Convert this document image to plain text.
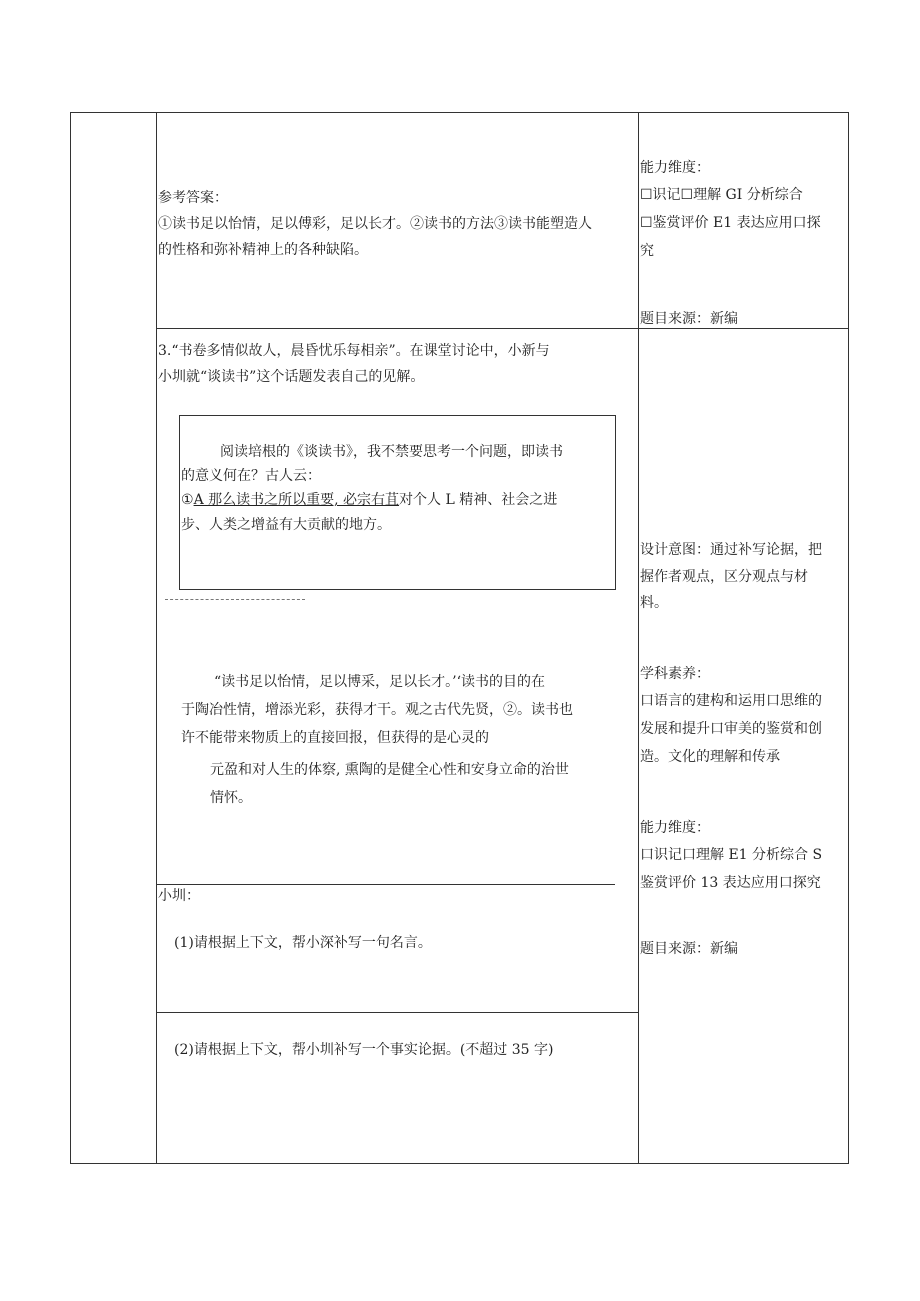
参考答案：
①读书足以怡情，足以傅彩，足以长才。②读书的方法③读书能塑造人
的性格和弥补精神上的各种缺陷。
能力维度：
☐识记☐理解 GI 分析综合
☐鉴赏评价 E1 表达应用口探
究
题目来源：新编
3.“书卷多情似故人，晨昏忧乐每相亲”。在课堂讨论中，小新与
小圳就“谈读书”这个话题发表自己的见解。
阅读培根的《谈读书》，我不禁要思考一个问题，即读书
的意义何在？古人云：
①A 那么读书之所以重要, 必宗右苴对个人 L 精神、社会之进
步、人类之增益有大贡献的地方。
“读书足以怡情，足以博采，足以长才。’‘读书的目的在
于陶冶性情，增添光彩，获得才干。观之古代先贤，②。读书也
许不能带来物质上的直接回报，但获得的是心灵的
元盈和对人生的体察, 熏陶的是健全心性和安身立命的治世
情怀。
小圳：
(1)请根据上下文，帮小深补写一句名言。
(2)请根据上下文，帮小圳补写一个事实论据。(不超过 35 字)
设计意图：通过补写论据，把
握作者观点，区分观点与材
料。
学科素养：
口语言的建构和运用口思维的
发展和提升口审美的鉴赏和创
造。文化的理解和传承
能力维度：
口识记口理解 E1 分析综合 S
鉴赏评价 13 表达应用口探究
题目来源：新编
